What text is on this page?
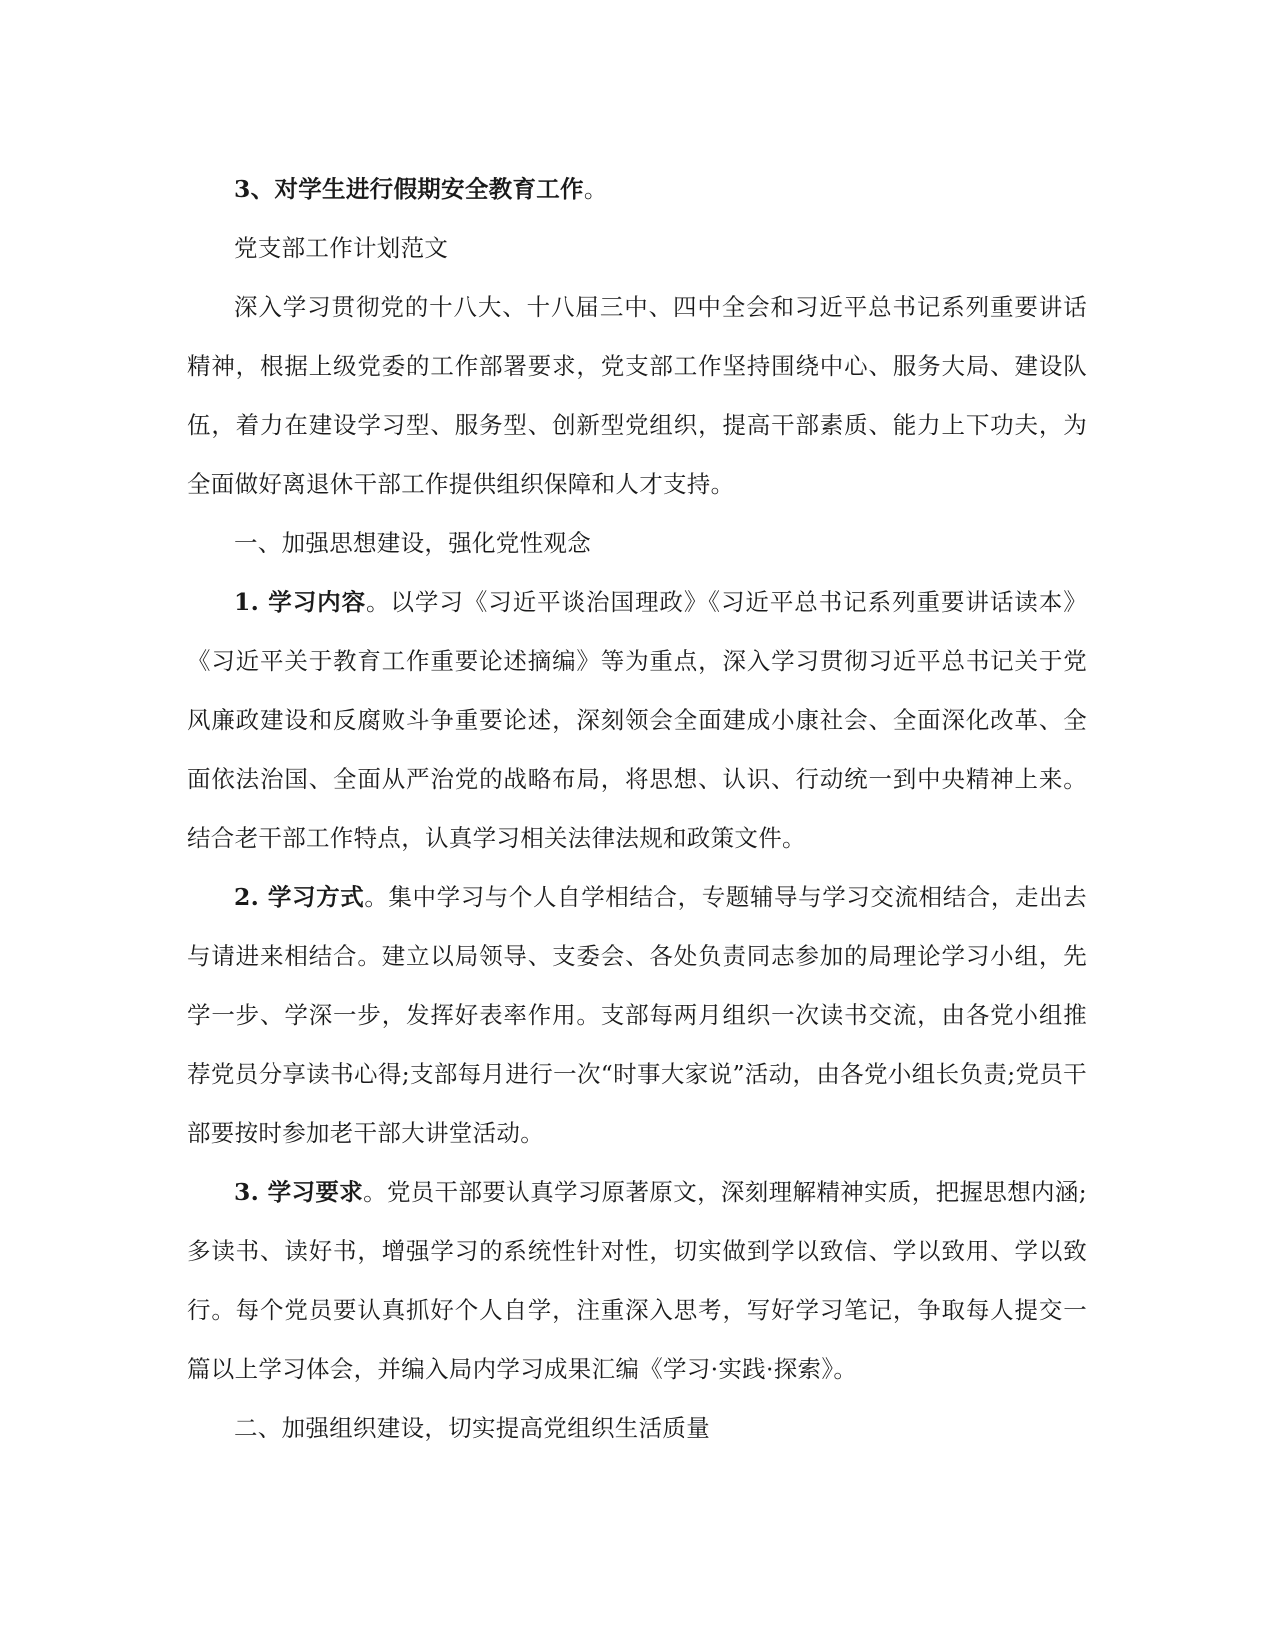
3、对学生进行假期安全教育工作。

党支部工作计划范文

深入学习贯彻党的十八大、十八届三中、四中全会和习近平总书记系列重要讲话精神，根据上级党委的工作部署要求，党支部工作坚持围绕中心、服务大局、建设队伍，着力在建设学习型、服务型、创新型党组织，提高干部素质、能力上下功夫，为全面做好离退休干部工作提供组织保障和人才支持。

一、加强思想建设，强化党性观念

1. 学习内容。以学习《习近平谈治国理政》《习近平总书记系列重要讲话读本》《习近平关于教育工作重要论述摘编》等为重点，深入学习贯彻习近平总书记关于党风廉政建设和反腐败斗争重要论述，深刻领会全面建成小康社会、全面深化改革、全面依法治国、全面从严治党的战略布局，将思想、认识、行动统一到中央精神上来。结合老干部工作特点，认真学习相关法律法规和政策文件。

2. 学习方式。集中学习与个人自学相结合，专题辅导与学习交流相结合，走出去与请进来相结合。建立以局领导、支委会、各处负责同志参加的局理论学习小组，先学一步、学深一步，发挥好表率作用。支部每两月组织一次读书交流，由各党小组推荐党员分享读书心得;支部每月进行一次“时事大家说”活动，由各党小组长负责;党员干部要按时参加老干部大讲堂活动。

3. 学习要求。党员干部要认真学习原著原文，深刻理解精神实质，把握思想内涵;多读书、读好书，增强学习的系统性针对性，切实做到学以致信、学以致用、学以致行。每个党员要认真抓好个人自学，注重深入思考，写好学习笔记，争取每人提交一篇以上学习体会，并编入局内学习成果汇编《学习·实践·探索》。

二、加强组织建设，切实提高党组织生活质量
